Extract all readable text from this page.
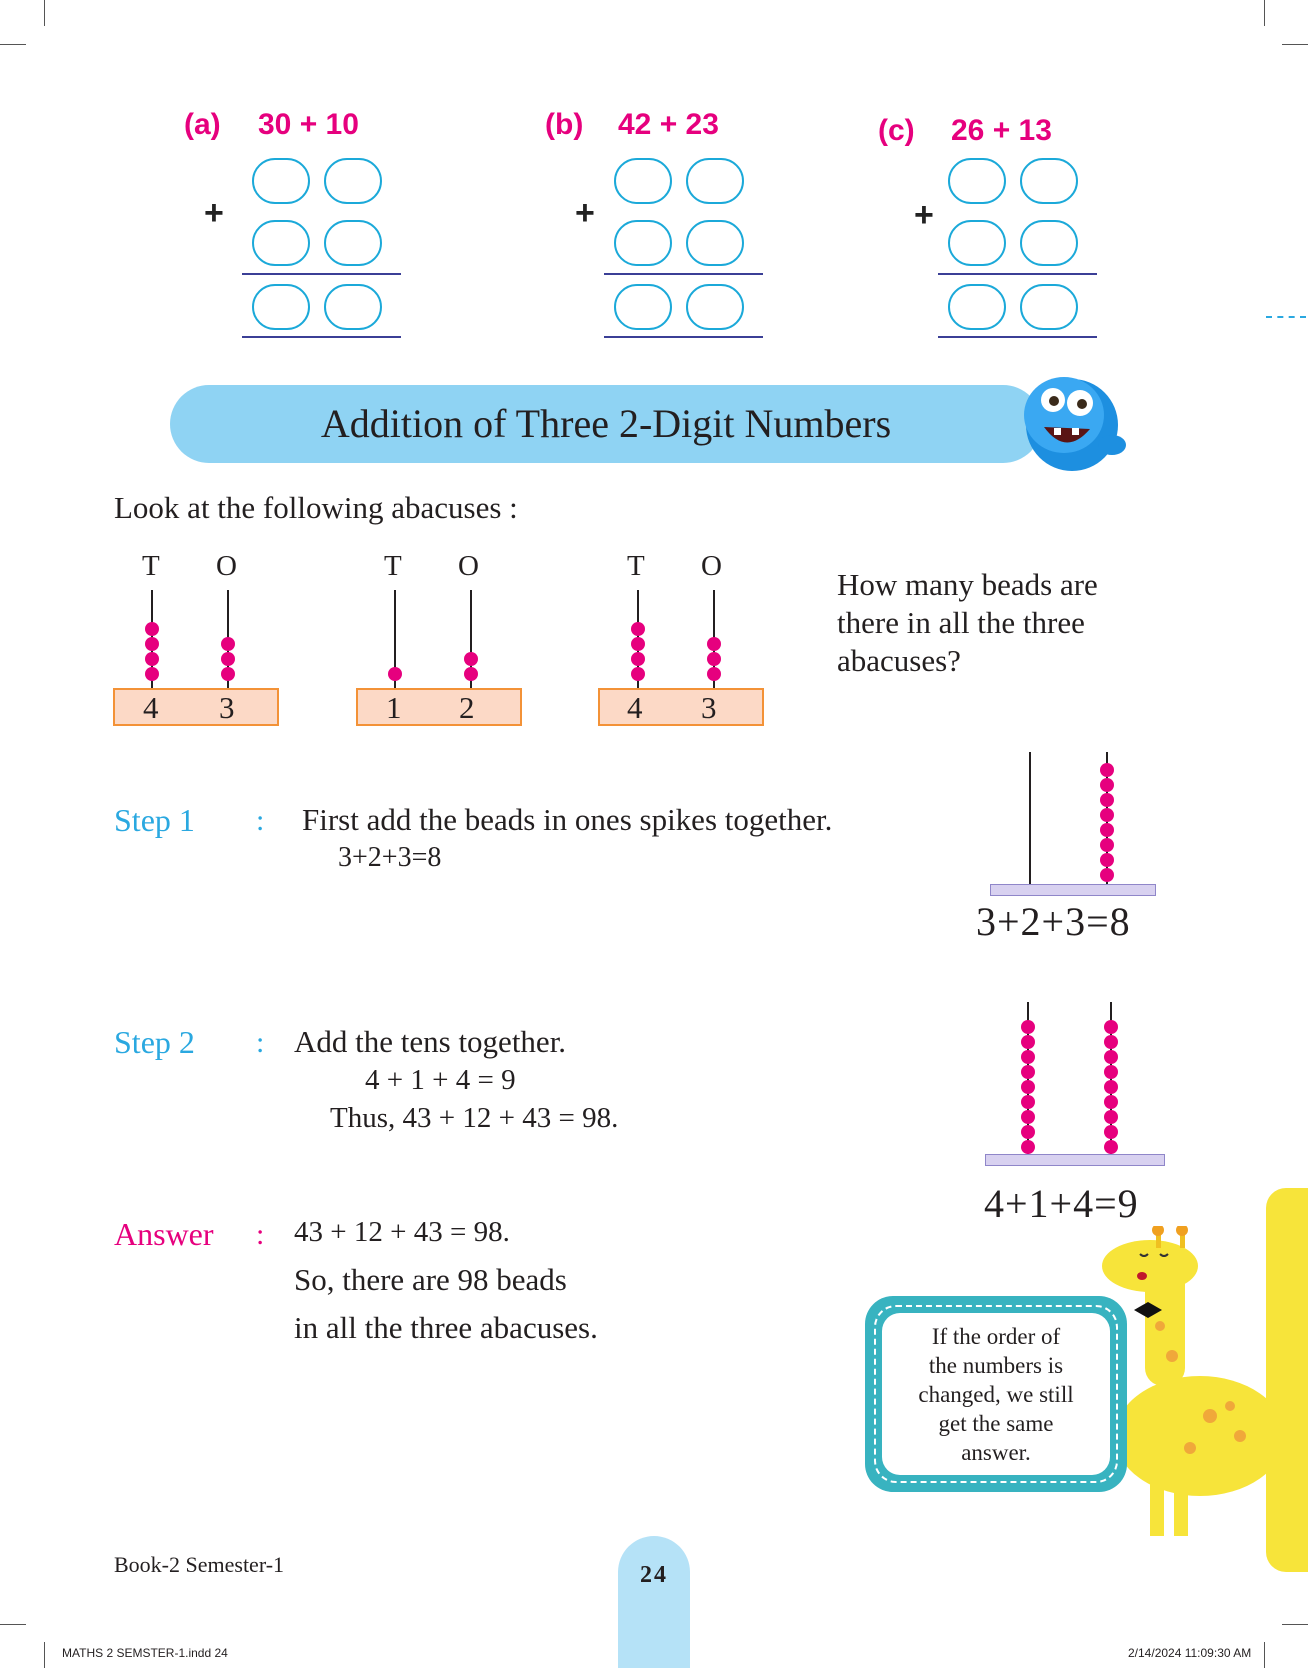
(a) 30 + 10
+
(b) 42 + 23
+
(c) 26 + 13
+
Addition of Three 2-Digit Numbers
Look at the following abacuses :
T O
4 3
T O
1 2
T O
4 3
How many beads are
there in all the three
abacuses?
Step 1 : First add the beads in ones spikes together.
3+2+3=8
3+2+3=8
Step 2 : Add the tens together.
4 + 1 + 4 = 9
Thus, 43 + 12 + 43 = 98.
4+1+4=9
Answer : 43 + 12 + 43 = 98.
So, there are 98 beads
in all the three abacuses.	If the order of
the numbers is
changed, we still
get the same
answer.
Book-2 Semester-1	24
MATHS 2 SEMSTER-1.indd 24	2/14/2024 11:09:30 AM
